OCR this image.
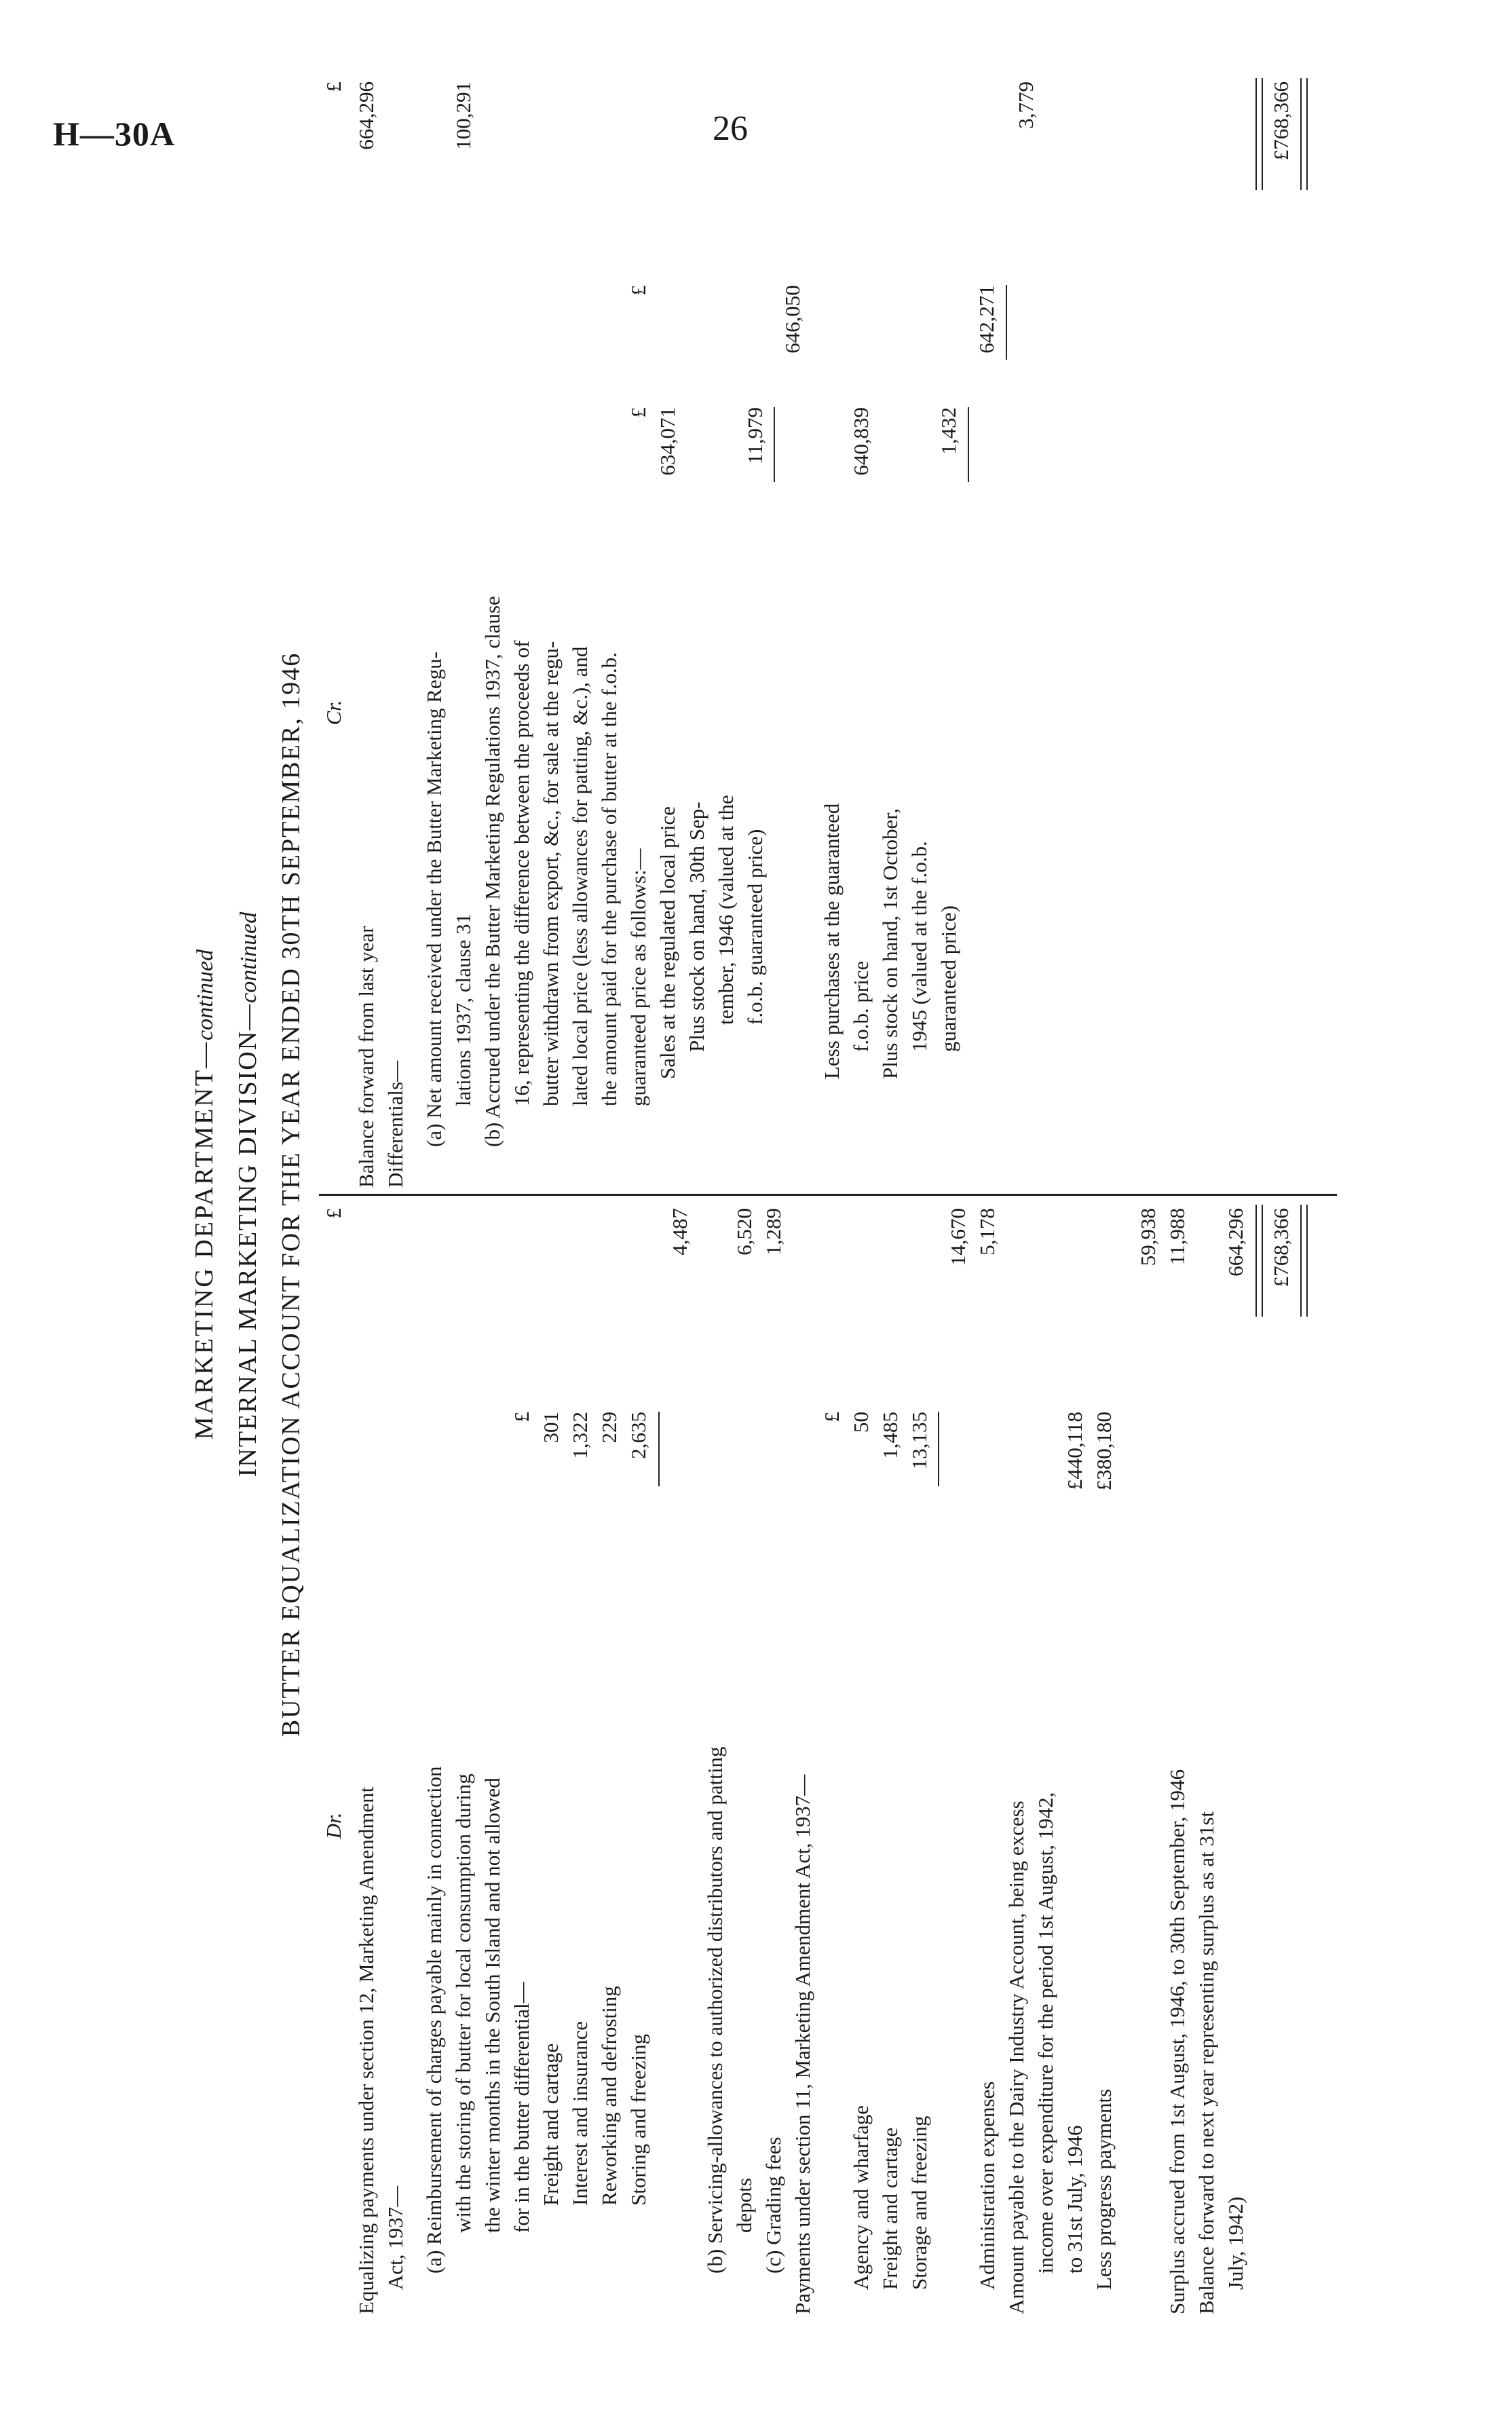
H—30A	26
MARKETING DEPARTMENT—continued
INTERNAL MARKETING DIVISION—continued BUTTER EQUALIZATION ACCOUNT FOR THE YEAR ENDED 30TH SEPTEMBER, 1946
Dr.
£
Equalizing payments under section 12, Marketing Amendment Act, 1937— (a) Reimbursement of charges payable mainly in connection with the storing of butter for local consumption during the winter months in the South Island and not allowed for in the butter differential—
£
Freight and cartage
301
Interest and insurance
1,322
Reworking and defrosting
229
Storing and freezing
2,635
4,487
(b) Servicing-allowances to authorized distributors and patting depots
6,520
(c) Grading fees
1,289
Payments under section 11, Marketing Amendment Act, 1937—
£
Agency and wharfage
50
Freight and cartage
1,485
Storage and freezing
13,135
14,670
Administration expenses
5,178
Amount payable to the Dairy Industry Account, being excess income over expenditure for the period 1st August, 1942, to 31st July, 1946
£440,118
Less progress payments
£380,180
59,938
Surplus accrued from 1st August, 1946, to 30th September, 1946
11,988
Balance forward to next year representing surplus as at 31st July, 1942)
664,296 £768,366
Cr.
£
Balance forward from last year
664,296
Differentials— (a) Net amount received under the Butter Marketing Regu- lations 1937, clause 31
100,291
(b) Accrued under the Butter Marketing Regulations 1937, clause 16, representing the difference between the proceeds of butter withdrawn from export, &c., for sale at the regu- lated local price (less allowances for patting, &c.), and the amount paid for the purchase of butter at the f.o.b. guaranteed price as follows:—
£
£
Sales at the regulated local price
634,071
Plus stock on hand, 30th Sep- tember, 1946 (valued at the f.o.b. guaranteed price)
11,979
646,050
Less purchases at the guaranteed f.o.b. price
640,839
Plus stock on hand, 1st October, 1945 (valued at the f.o.b. guaranteed price)
1,432
642,271
3,779	£768,366
